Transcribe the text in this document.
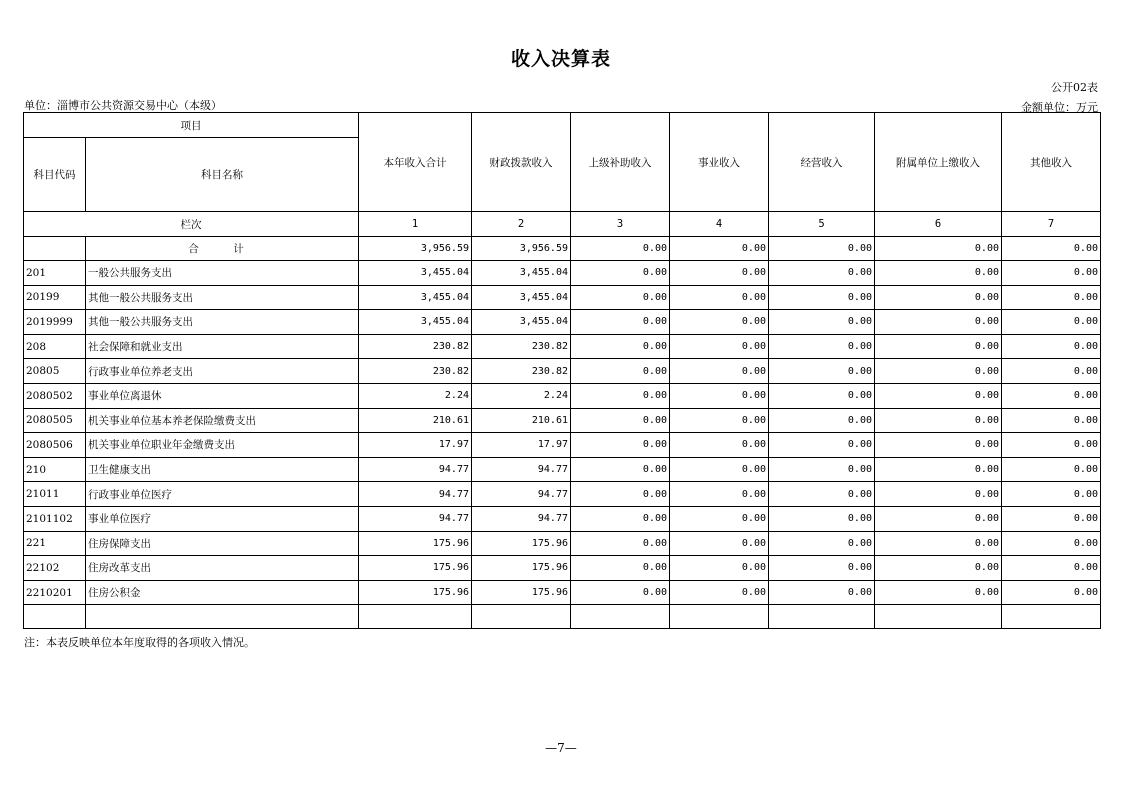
收入决算表
公开02表
单位：淄博市公共资源交易中心（本级）	金额单位：万元
项目		本年收入合计	财政拨款收入	上级补助收入	事业收入	经营收入	附属单位上缴收入	其他收入
科目代码	科目名称							
栏次		1	2	3	4	5	6	7
	合　计	3,956.59	3,956.59	0.00	0.00	0.00	0.00	0.00
201	一般公共服务支出	3,455.04	3,455.04	0.00	0.00	0.00	0.00	0.00
20199	其他一般公共服务支出	3,455.04	3,455.04	0.00	0.00	0.00	0.00	0.00
2019999	其他一般公共服务支出	3,455.04	3,455.04	0.00	0.00	0.00	0.00	0.00
208	社会保障和就业支出	230.82	230.82	0.00	0.00	0.00	0.00	0.00
20805	行政事业单位养老支出	230.82	230.82	0.00	0.00	0.00	0.00	0.00
2080502	事业单位离退休	2.24	2.24	0.00	0.00	0.00	0.00	0.00
2080505	机关事业单位基本养老保险缴费支出	210.61	210.61	0.00	0.00	0.00	0.00	0.00
2080506	机关事业单位职业年金缴费支出	17.97	17.97	0.00	0.00	0.00	0.00	0.00
210	卫生健康支出	94.77	94.77	0.00	0.00	0.00	0.00	0.00
21011	行政事业单位医疗	94.77	94.77	0.00	0.00	0.00	0.00	0.00
2101102	事业单位医疗	94.77	94.77	0.00	0.00	0.00	0.00	0.00
221	住房保障支出	175.96	175.96	0.00	0.00	0.00	0.00	0.00
22102	住房改革支出	175.96	175.96	0.00	0.00	0.00	0.00	0.00
2210201	住房公积金	175.96	175.96	0.00	0.00	0.00	0.00	0.00

注：本表反映单位本年度取得的各项收入情况。
—7—
